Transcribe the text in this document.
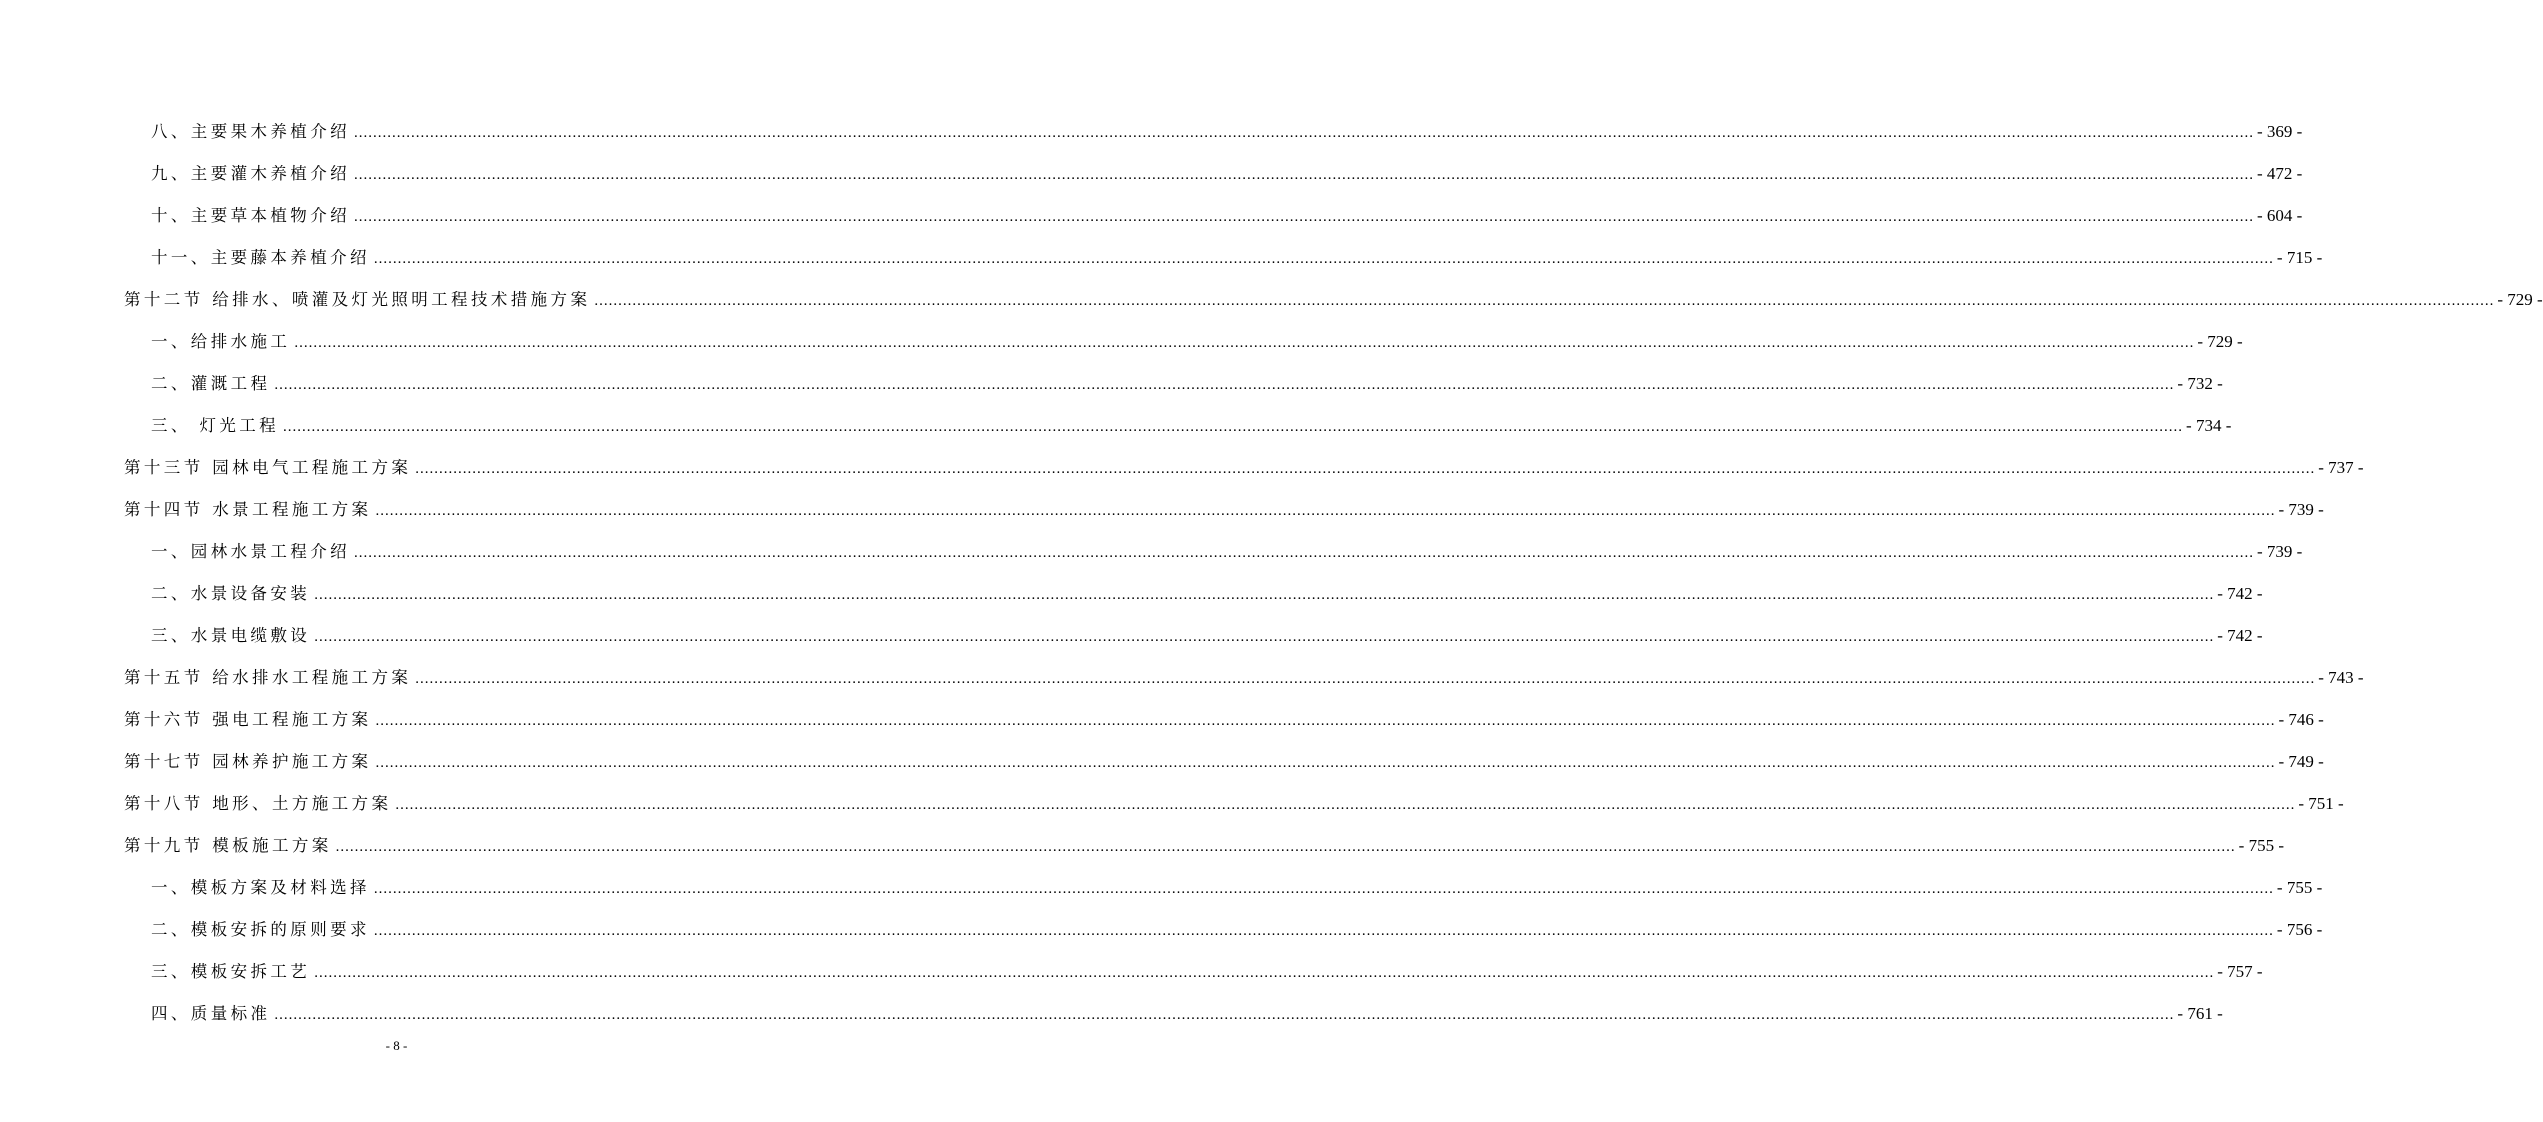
八、主要果木养植介绍 ................................................................................................................................................................................................................................................................................................................................................................................................................ - 369 -
九、主要灌木养植介绍 ................................................................................................................................................................................................................................................................................................................................................................................................................ - 472 -
十、主要草本植物介绍 ................................................................................................................................................................................................................................................................................................................................................................................................................ - 604 -
十一、主要藤本养植介绍 ................................................................................................................................................................................................................................................................................................................................................................................................................ - 715 -
第十二节 给排水、喷灌及灯光照明工程技术措施方案 ................................................................................................................................................................................................................................................................................................................................................................................................................ - 729 -
一、给排水施工 ................................................................................................................................................................................................................................................................................................................................................................................................................ - 729 -
二、灌溉工程 ................................................................................................................................................................................................................................................................................................................................................................................................................ - 732 -
三、 灯光工程 ................................................................................................................................................................................................................................................................................................................................................................................................................ - 734 -
第十三节 园林电气工程施工方案 ................................................................................................................................................................................................................................................................................................................................................................................................................ - 737 -
第十四节 水景工程施工方案 ................................................................................................................................................................................................................................................................................................................................................................................................................ - 739 -
一、园林水景工程介绍 ................................................................................................................................................................................................................................................................................................................................................................................................................ - 739 -
二、水景设备安装 ................................................................................................................................................................................................................................................................................................................................................................................................................ - 742 -
三、水景电缆敷设 ................................................................................................................................................................................................................................................................................................................................................................................................................ - 742 -
第十五节 给水排水工程施工方案 ................................................................................................................................................................................................................................................................................................................................................................................................................ - 743 -
第十六节 强电工程施工方案 ................................................................................................................................................................................................................................................................................................................................................................................................................ - 746 -
第十七节 园林养护施工方案 ................................................................................................................................................................................................................................................................................................................................................................................................................ - 749 -
第十八节 地形、土方施工方案 ................................................................................................................................................................................................................................................................................................................................................................................................................ - 751 -
第十九节 模板施工方案 ................................................................................................................................................................................................................................................................................................................................................................................................................ - 755 -
一、模板方案及材料选择 ................................................................................................................................................................................................................................................................................................................................................................................................................ - 755 -
二、模板安拆的原则要求 ................................................................................................................................................................................................................................................................................................................................................................................................................ - 756 -
三、模板安拆工艺 ................................................................................................................................................................................................................................................................................................................................................................................................................ - 757 -
四、质量标准 ................................................................................................................................................................................................................................................................................................................................................................................................................ - 761 -
- 8 -
